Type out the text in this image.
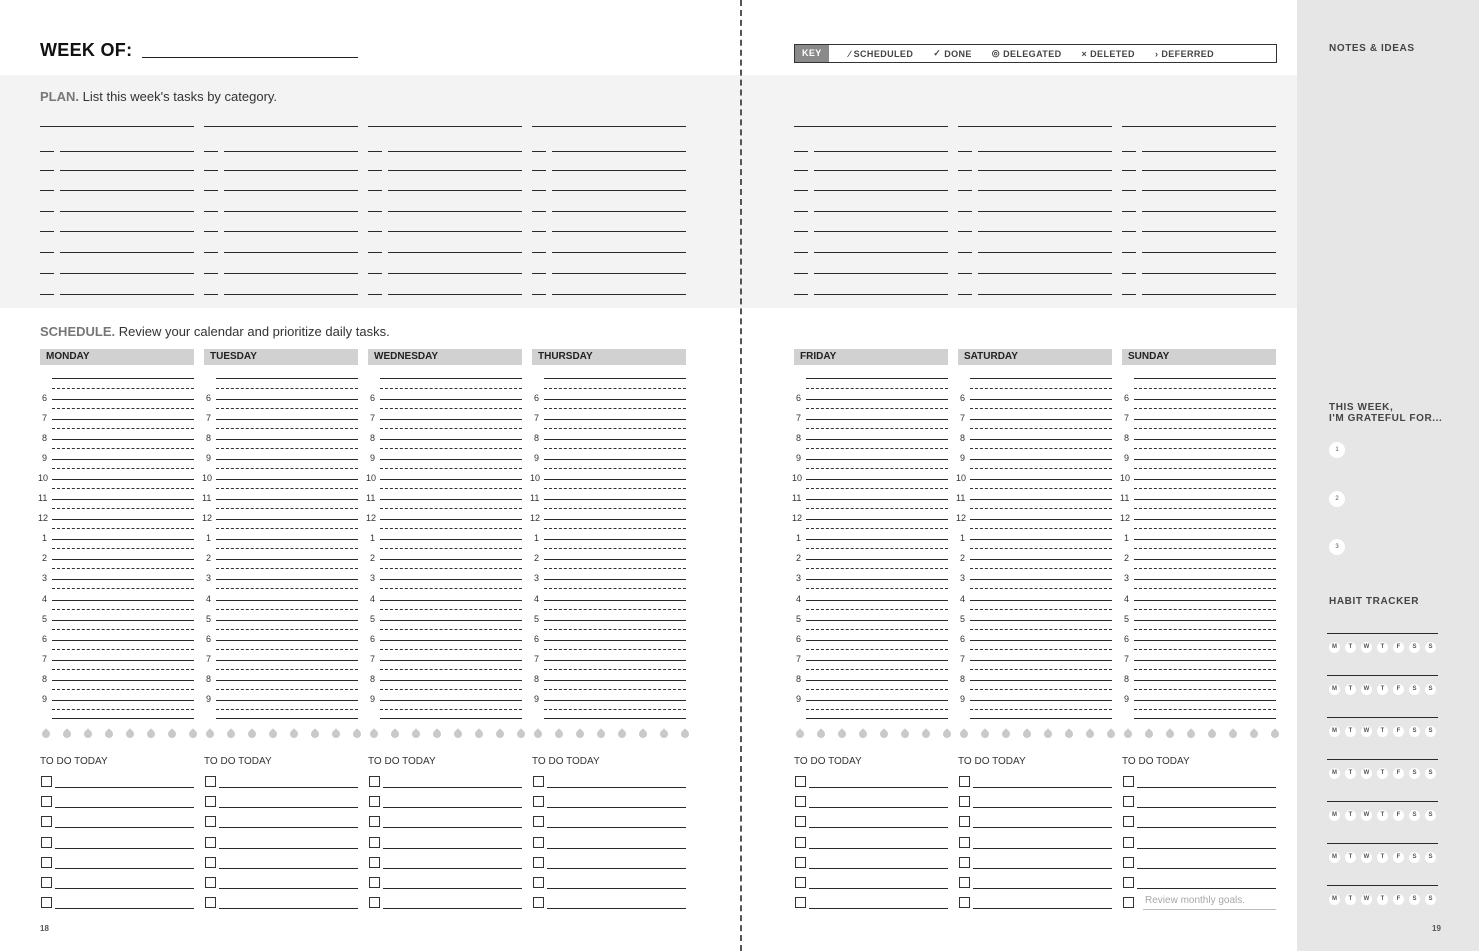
WEEK OF:	KEY	∕ SCHEDULED ✓ DONE ◎ DELEGATED × DELETED › DEFERRED
PLAN. List this week's tasks by category.
SCHEDULE. Review your calendar and prioritize daily tasks.
MONDAY
6
7
8
9
10
11
12
1
2
3
4
5
6
7
8
9
TO DO TODAY
TUESDAY
6
7
8
9
10
11
12
1
2
3
4
5
6
7
8
9
TO DO TODAY
WEDNESDAY
6
7
8
9
10
11
12
1
2
3
4
5
6
7
8
9
TO DO TODAY
THURSDAY
6
7
8
9
10
11
12
1
2
3
4
5
6
7
8
9
TO DO TODAY
FRIDAY
6
7
8
9
10
11
12
1
2
3
4
5
6
7
8
9
TO DO TODAY
SATURDAY
6
7
8
9
10
11
12
1
2
3
4
5
6
7
8
9
TO DO TODAY
SUNDAY
6
7
8
9
10
11
12
1
2
3
4
5
6
7
8
9
TO DO TODAY
Review monthly goals.
NOTES & IDEAS
THIS WEEK,
I'M GRATEFUL FOR...
1
2
3
HABIT TRACKER
M	T	W	T	F	S	S
M	T	W	T	F	S	S
M	T	W	T	F	S	S
M	T	W	T	F	S	S
M	T	W	T	F	S	S
M	T	W	T	F	S	S
M	T	W	T	F	S	S
18	19
